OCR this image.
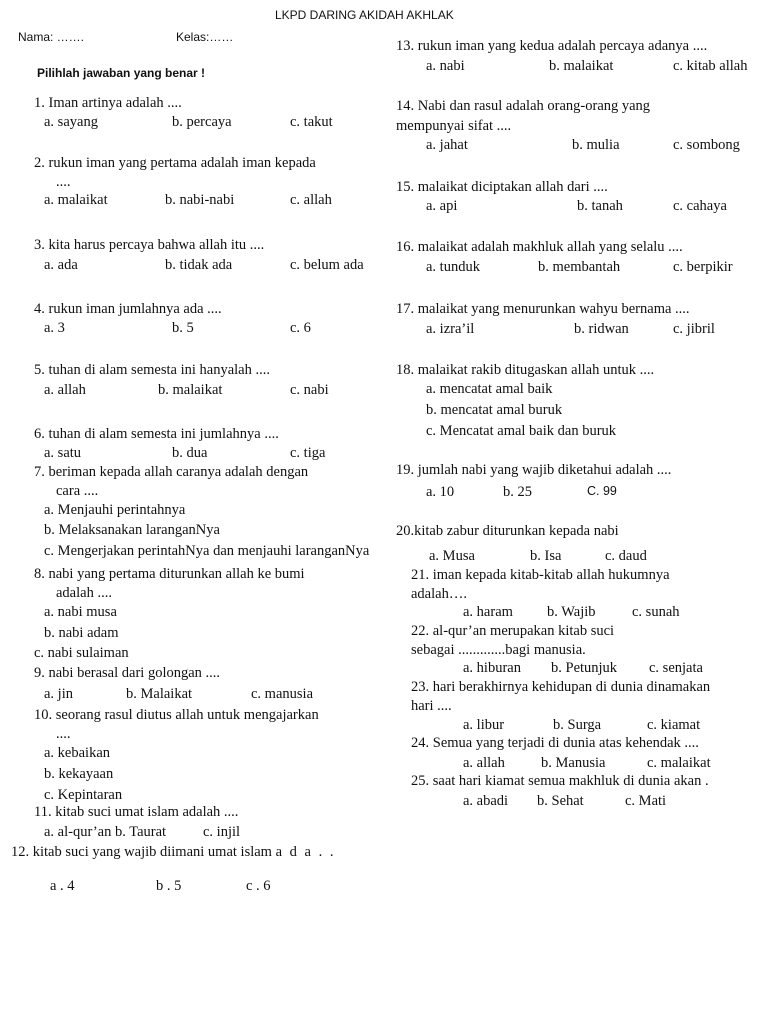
LKPD DARING AKIDAH AKHLAK
Nama: …….	Kelas:……
Pilihlah jawaban yang benar !
1. Iman artinya adalah ....
a. sayang	b. percaya	c. takut
2. rukun iman yang pertama adalah iman kepada
....
a. malaikat	b. nabi-nabi	c. allah
3. kita harus percaya bahwa allah itu ....
a. ada	b. tidak ada	c. belum ada
4. rukun iman jumlahnya ada ....
a. 3	b. 5	c. 6
5. tuhan di alam semesta ini hanyalah ....
a. allah	b. malaikat	c. nabi
6. tuhan di alam semesta ini jumlahnya ....
a. satu	b. dua	c. tiga
7. beriman kepada allah caranya adalah dengan
cara ....
a. Menjauhi perintahnya
b. Melaksanakan laranganNya
c. Mengerjakan perintahNya dan menjauhi laranganNya
8. nabi yang pertama diturunkan allah ke bumi
adalah ....
a. nabi musa
b. nabi adam
c. nabi sulaiman
9. nabi berasal dari golongan ....
a. jin	b. Malaikat	c. manusia
10. seorang rasul diutus allah untuk mengajarkan
....
a. kebaikan
b. kekayaan
c. Kepintaran
11. kitab suci umat islam adalah ....
a. al-qur’an b. Taurat	c. injil
12. kitab suci yang wajib diimani umat islam a d a . .
a . 4	b . 5	c . 6
13. rukun iman yang kedua adalah percaya adanya ....
a. nabi	b. malaikat	c. kitab allah
14. Nabi dan rasul adalah orang-orang yang
mempunyai sifat ....
a. jahat	b. mulia	c. sombong
15. malaikat diciptakan allah dari ....
a. api	b. tanah	c. cahaya
16. malaikat adalah makhluk allah yang selalu ....
a. tunduk	b. membantah	c. berpikir
17. malaikat yang menurunkan wahyu bernama ....
a. izra’il	b. ridwan	c. jibril
18. malaikat rakib ditugaskan allah untuk ....
a. mencatat amal baik
b. mencatat amal buruk
c. Mencatat amal baik dan buruk
19. jumlah nabi yang wajib diketahui adalah ....
a. 10	b. 25	C. 99
20.kitab zabur diturunkan kepada nabi
a. Musa	b. Isa	c. daud
21. iman kepada kitab-kitab allah hukumnya
adalah….
a. haram b. Wajib	c. sunah
22. al-qur’an merupakan kitab suci
sebagai .............bagi manusia.
a. hiburan b. Petunjuk c. senjata
23. hari berakhirnya kehidupan di dunia dinamakan
hari ....
a. libur	b. Surga	c. kiamat
24. Semua yang terjadi di dunia atas kehendak ....
a. allah b. Manusia	c. malaikat
25. saat hari kiamat semua makhluk di dunia akan .
a. abadi b. Sehat	c. Mati
